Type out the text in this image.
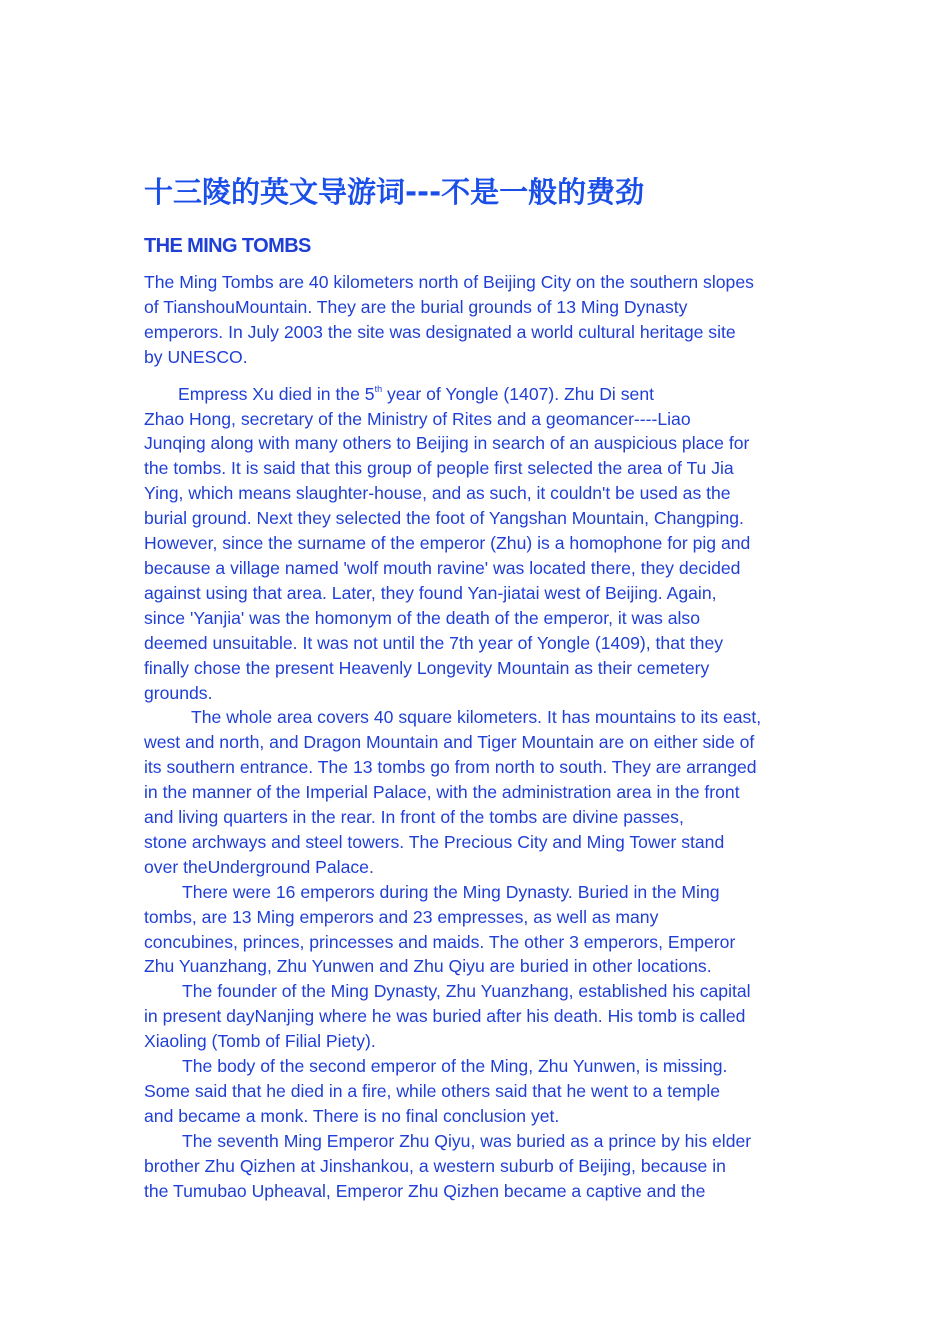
十三陵的英文导游词---不是一般的费劲
THE MING TOMBS

The Ming Tombs are 40 kilometers north of Beijing City on the southern slopes
of TianshouMountain. They are the burial grounds of 13 Ming Dynasty
emperors. In July 2003 the site was designated a world cultural heritage site
by UNESCO.

Empress Xu died in the 5th year of Yongle (1407). Zhu Di sent
Zhao Hong, secretary of the Ministry of Rites and a geomancer----Liao
Junqing along with many others to Beijing in search of an auspicious place for
the tombs. It is said that this group of people first selected the area of Tu Jia
Ying, which means slaughter-house, and as such, it couldn't be used as the
burial ground. Next they selected the foot of Yangshan Mountain, Changping.
However, since the surname of the emperor (Zhu) is a homophone for pig and
because a village named 'wolf mouth ravine' was located there, they decided
against using that area. Later, they found Yan-jiatai west of Beijing. Again,
since 'Yanjia' was the homonym of the death of the emperor, it was also
deemed unsuitable. It was not until the 7th year of Yongle (1409), that they
finally chose the present Heavenly Longevity Mountain as their cemetery
grounds.

The whole area covers 40 square kilometers. It has mountains to its east,
west and north, and Dragon Mountain and Tiger Mountain are on either side of
its southern entrance. The 13 tombs go from north to south. They are arranged
in the manner of the Imperial Palace, with the administration area in the front
and living quarters in the rear. In front of the tombs are divine passes,
stone archways and steel towers. The Precious City and Ming Tower stand
over theUnderground Palace.

There were 16 emperors during the Ming Dynasty. Buried in the Ming
tombs, are 13 Ming emperors and 23 empresses, as well as many
concubines, princes, princesses and maids. The other 3 emperors, Emperor
Zhu Yuanzhang, Zhu Yunwen and Zhu Qiyu are buried in other locations.

The founder of the Ming Dynasty, Zhu Yuanzhang, established his capital
in present dayNanjing where he was buried after his death. His tomb is called
Xiaoling (Tomb of Filial Piety).

The body of the second emperor of the Ming, Zhu Yunwen, is missing.
Some said that he died in a fire, while others said that he went to a temple
and became a monk. There is no final conclusion yet.

The seventh Ming Emperor Zhu Qiyu, was buried as a prince by his elder
brother Zhu Qizhen at Jinshankou, a western suburb of Beijing, because in
the Tumubao Upheaval, Emperor Zhu Qizhen became a captive and the
